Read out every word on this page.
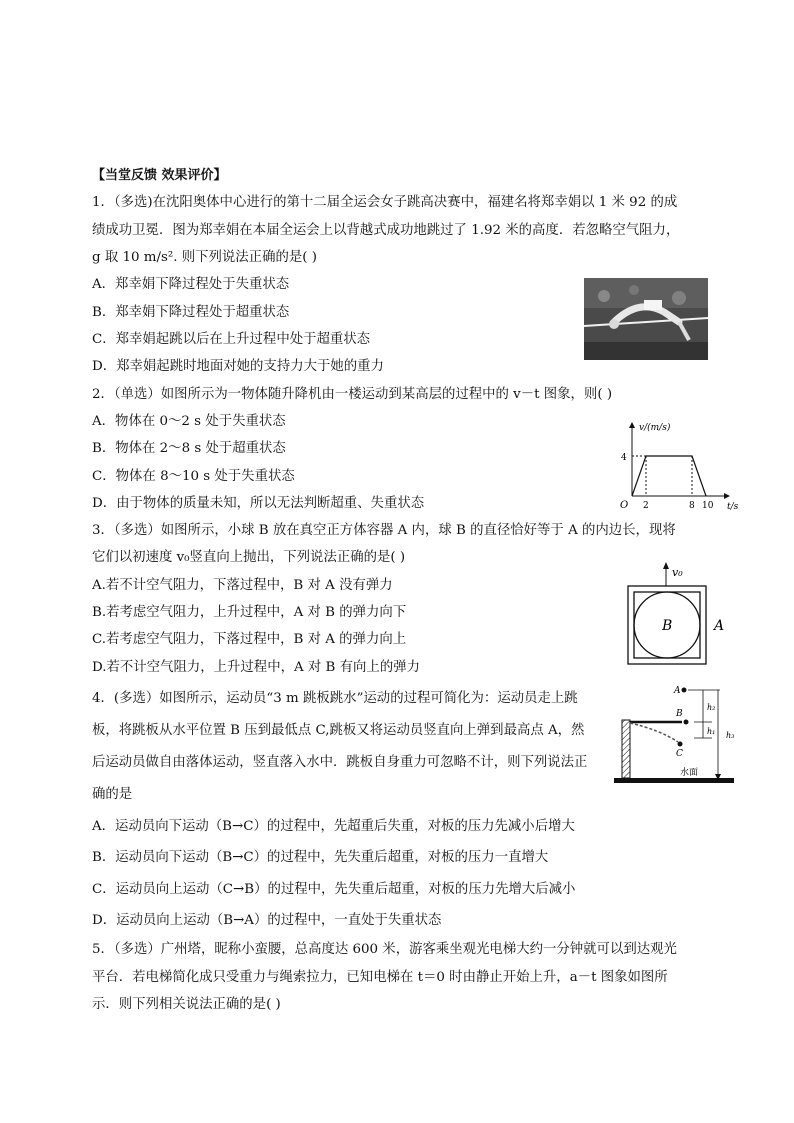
【当堂反馈 效果评价】
1．（多选)在沈阳奥体中心进行的第十二届全运会女子跳高决赛中，福建名将郑幸娟以 1 米 92 的成
绩成功卫冕．图为郑幸娟在本届全运会上以背越式成功地跳过了 1.92 米的高度．若忽略空气阻力，
g 取 10 m/s². 则下列说法正确的是( )
A．郑幸娟下降过程处于失重状态
B．郑幸娟下降过程处于超重状态
C．郑幸娟起跳以后在上升过程中处于超重状态
D．郑幸娟起跳时地面对她的支持力大于她的重力
2．（单选）如图所示为一物体随升降机由一楼运动到某高层的过程中的 v－t 图象，则( )
A．物体在 0～2 s 处于失重状态
B．物体在 2～8 s 处于超重状态
C．物体在 8～10 s 处于失重状态
D．由于物体的质量未知，所以无法判断超重、失重状态
v/(m/s)
t/s
O
4
2	8 10
3．（多选）如图所示，小球 B 放在真空正方体容器 A 内，球 B 的直径恰好等于 A 的内边长，现将
它们以初速度 v₀竖直向上抛出，下列说法正确的是( )
A.若不计空气阻力，下落过程中，B 对 A 没有弹力
B.若考虑空气阻力，上升过程中，A 对 B 的弹力向下
C.若考虑空气阻力，下落过程中，B 对 A 的弹力向上
D.若不计空气阻力，上升过程中，A 对 B 有向上的弹力
v₀
B	A
4．(多选）如图所示，运动员“3 m 跳板跳水”运动的过程可简化为：运动员走上跳
板，将跳板从水平位置 B 压到最低点 C,跳板又将运动员竖直向上弹到最高点 A，然
后运动员做自由落体运动，竖直落入水中．跳板自身重力可忽略不计，则下列说法正
确的是
A．运动员向下运动（B→C）的过程中，先超重后失重，对板的压力先减小后增大
B．运动员向下运动（B→C）的过程中，先失重后超重，对板的压力一直增大
C．运动员向上运动（C→B）的过程中，先失重后超重，对板的压力先增大后减小
D．运动员向上运动（B→A）的过程中，一直处于失重状态
A
B
C
h₂
h₁ h₃
水面
5．（多选）广州塔，昵称小蛮腰，总高度达 600 米，游客乘坐观光电梯大约一分钟就可以到达观光
平台．若电梯简化成只受重力与绳索拉力，已知电梯在 t＝0 时由静止开始上升，a－t 图象如图所
示．则下列相关说法正确的是( )
